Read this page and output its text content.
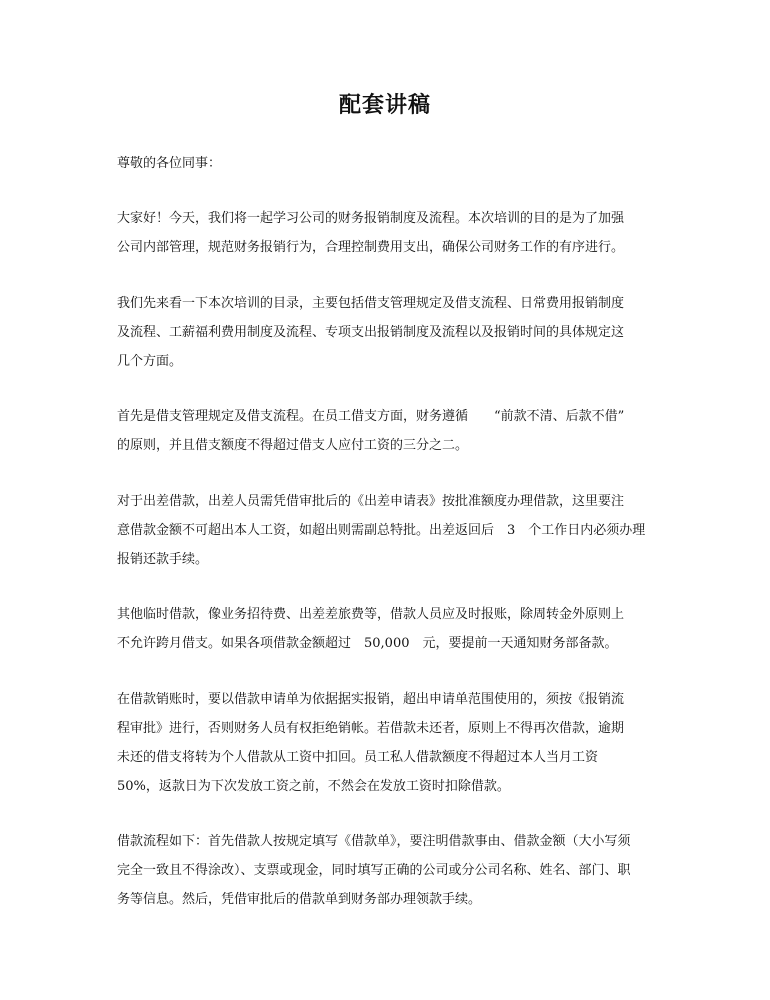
配套讲稿

尊敬的各位同事：

大家好！今天，我们将一起学习公司的财务报销制度及流程。本次培训的目的是为了加强

公司内部管理，规范财务报销行为，合理控制费用支出，确保公司财务工作的有序进行。

我们先来看一下本次培训的目录，主要包括借支管理规定及借支流程、日常费用报销制度

及流程、工薪福利费用制度及流程、专项支出报销制度及流程以及报销时间的具体规定这

几个方面。

首先是借支管理规定及借支流程。在员工借支方面，财务遵循　　“前款不清、后款不借”

的原则，并且借支额度不得超过借支人应付工资的三分之二。

对于出差借款，出差人员需凭借审批后的《出差申请表》按批准额度办理借款，这里要注

意借款金额不可超出本人工资，如超出则需副总特批。出差返回后　3　个工作日内必须办理

报销还款手续。

其他临时借款，像业务招待费、出差差旅费等，借款人员应及时报账，除周转金外原则上

不允许跨月借支。如果各项借款金额超过　50,000　元，要提前一天通知财务部备款。

在借款销账时，要以借款申请单为依据据实报销，超出申请单范围使用的，须按《报销流

程审批》进行，否则财务人员有权拒绝销帐。若借款未还者，原则上不得再次借款，逾期

未还的借支将转为个人借款从工资中扣回。员工私人借款额度不得超过本人当月工资

50%，返款日为下次发放工资之前，不然会在发放工资时扣除借款。

借款流程如下：首先借款人按规定填写《借款单》，要注明借款事由、借款金额（大小写须

完全一致且不得涂改）、支票或现金，同时填写正确的公司或分公司名称、姓名、部门、职

务等信息。然后，凭借审批后的借款单到财务部办理领款手续。
